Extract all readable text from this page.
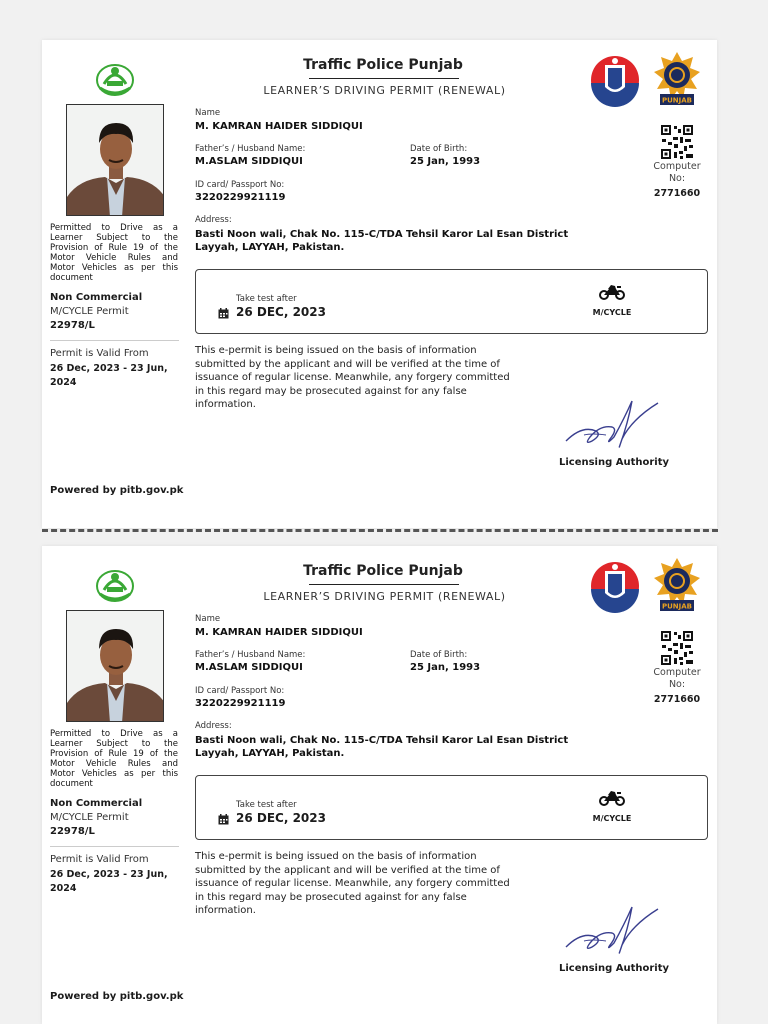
Traffic Police Punjab
LEARNER’S DRIVING PERMIT (RENEWAL)
PUNJAB
Permitted to Drive as a Learner Subject to the Provision of Rule 19 of the Motor Vehicle Rules and Motor Vehicles as per this document
Non Commercial
M/CYCLE Permit
22978/L
Permit is Valid From
26 Dec, 2023 - 23 Jun, 2024
Powered by pitb.gov.pk
Name
M. KAMRAN HAIDER SIDDIQUI
Father’s / Husband Name:
M.ASLAM SIDDIQUI
Date of Birth:
25 Jan, 1993
ID card/ Passport No:
3220229921119
Address:
Basti Noon wali, Chak No. 115-C/TDA Tehsil Karor Lal Esan District Layyah, LAYYAH, Pakistan.
Computer No:
2771660
Take test after
26 DEC, 2023	M/CYCLE
This e-permit is being issued on the basis of information submitted by the applicant and will be verified at the time of issuance of regular license. Meanwhile, any forgery committed in this regard may be prosecuted against for any false information.
Licensing Authority
Traffic Police Punjab
LEARNER’S DRIVING PERMIT (RENEWAL)
PUNJAB
Permitted to Drive as a Learner Subject to the Provision of Rule 19 of the Motor Vehicle Rules and Motor Vehicles as per this document
Non Commercial
M/CYCLE Permit
22978/L
Permit is Valid From
26 Dec, 2023 - 23 Jun, 2024
Powered by pitb.gov.pk
Name
M. KAMRAN HAIDER SIDDIQUI
Father’s / Husband Name:
M.ASLAM SIDDIQUI
Date of Birth:
25 Jan, 1993
ID card/ Passport No:
3220229921119
Address:
Basti Noon wali, Chak No. 115-C/TDA Tehsil Karor Lal Esan District Layyah, LAYYAH, Pakistan.
Computer No:
2771660
Take test after
26 DEC, 2023	M/CYCLE
This e-permit is being issued on the basis of information submitted by the applicant and will be verified at the time of issuance of regular license. Meanwhile, any forgery committed in this regard may be prosecuted against for any false information.
Licensing Authority
